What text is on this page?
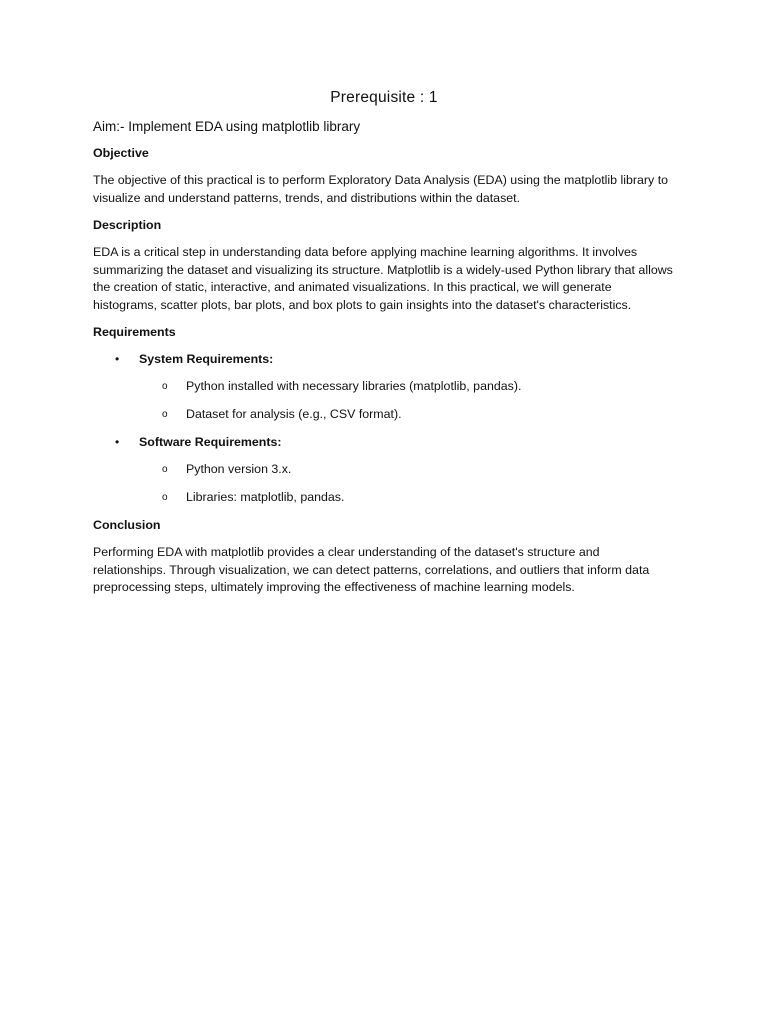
Prerequisite : 1
Aim:- Implement EDA using matplotlib library
Objective
The objective of this practical is to perform Exploratory Data Analysis (EDA) using the matplotlib library to visualize and understand patterns, trends, and distributions within the dataset.
Description
EDA is a critical step in understanding data before applying machine learning algorithms. It involves summarizing the dataset and visualizing its structure. Matplotlib is a widely-used Python library that allows the creation of static, interactive, and animated visualizations. In this practical, we will generate histograms, scatter plots, bar plots, and box plots to gain insights into the dataset's characteristics.
Requirements
• System Requirements:
o Python installed with necessary libraries (matplotlib, pandas).
o Dataset for analysis (e.g., CSV format).
• Software Requirements:
o Python version 3.x.
o Libraries: matplotlib, pandas.
Conclusion
Performing EDA with matplotlib provides a clear understanding of the dataset's structure and relationships. Through visualization, we can detect patterns, correlations, and outliers that inform data preprocessing steps, ultimately improving the effectiveness of machine learning models.
